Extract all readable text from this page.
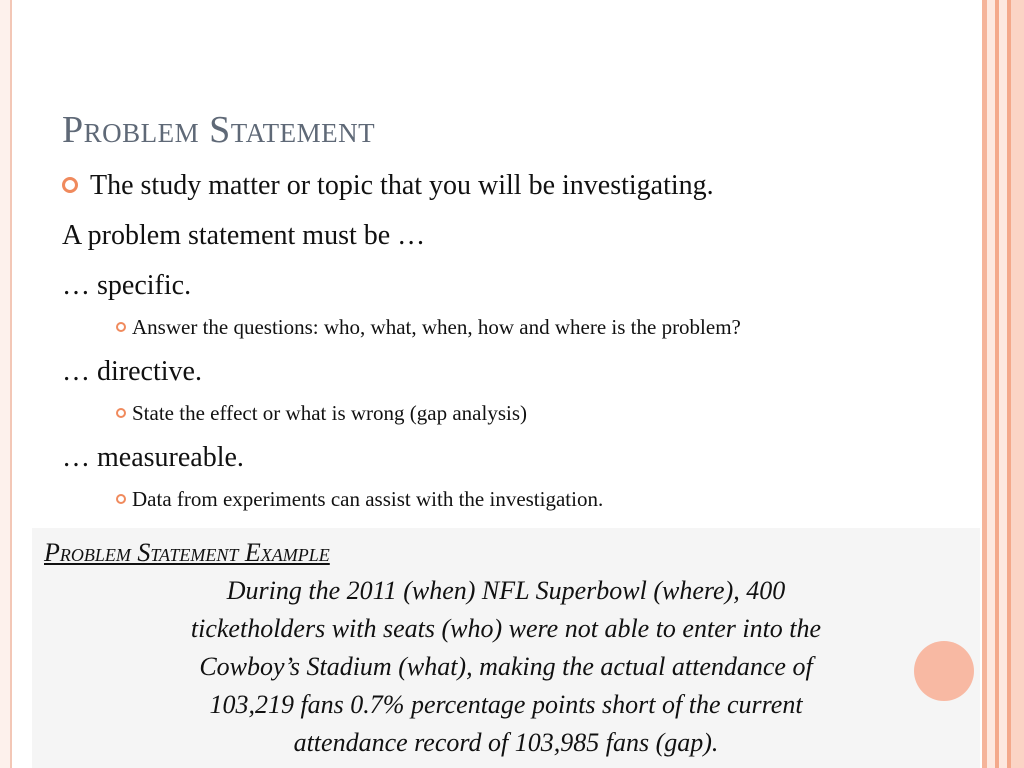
Problem Statement
The study matter or topic that you will be investigating.
A problem statement must be …
… specific.
Answer the questions: who, what, when, how and where is the problem?
… directive.
State the effect or what is wrong (gap analysis)
… measureable.
Data from experiments can assist with the investigation.
Problem Statement Example
During the 2011 (when) NFL Superbowl (where), 400
ticketholders with seats (who) were not able to enter into the
Cowboy’s Stadium (what), making the actual attendance of
103,219 fans 0.7% percentage points short of the current
attendance record of 103,985 fans (gap).
